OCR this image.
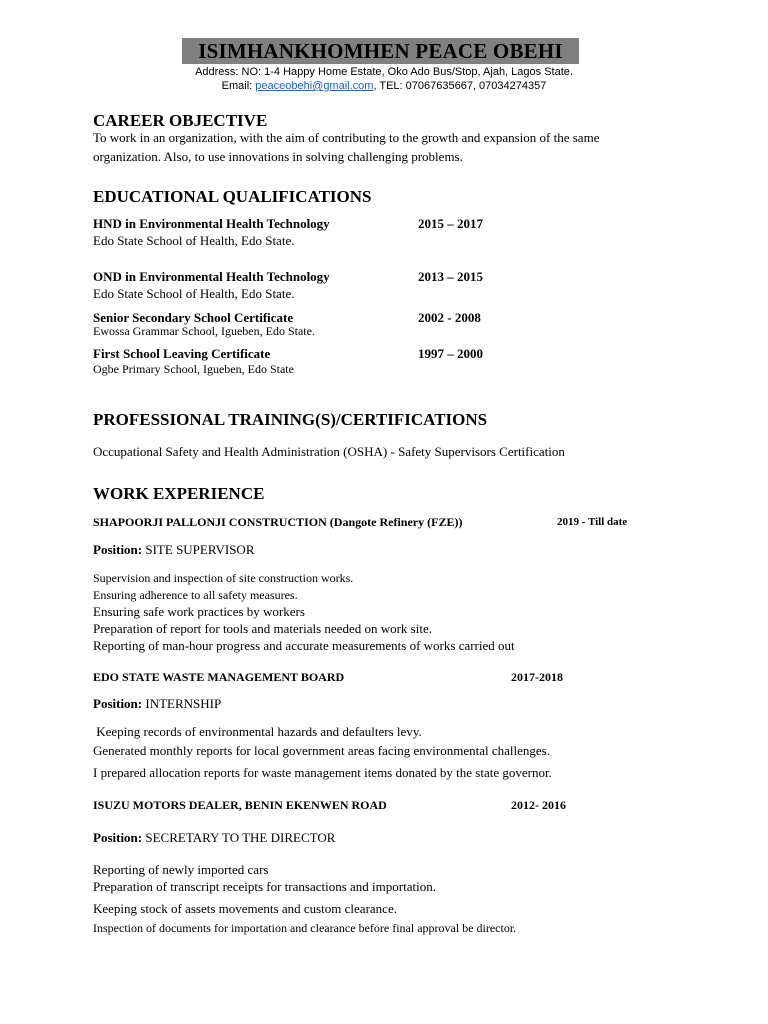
ISIMHANKHOMHEN PEACE OBEHI
Address: NO: 1-4 Happy Home Estate, Oko Ado Bus/Stop, Ajah, Lagos State.
Email: peaceobehi@gmail.com, TEL: 07067635667, 07034274357
CAREER OBJECTIVE
To work in an organization, with the aim of contributing to the growth and expansion of the same
organization. Also, to use innovations in solving challenging problems.
EDUCATIONAL QUALIFICATIONS
HND in Environmental Health Technology	2015 – 2017
Edo State School of Health, Edo State.
OND in Environmental Health Technology	2013 – 2015
Edo State School of Health, Edo State.
Senior Secondary School Certificate	2002 - 2008
Ewossa Grammar School, Igueben, Edo State.
First School Leaving Certificate	1997 – 2000
Ogbe Primary School, Igueben, Edo State
PROFESSIONAL TRAINING(S)/CERTIFICATIONS
Occupational Safety and Health Administration (OSHA) - Safety Supervisors Certification
WORK EXPERIENCE
SHAPOORJI PALLONJI CONSTRUCTION (Dangote Refinery (FZE))	2019 - Till date
Position: SITE SUPERVISOR
Supervision and inspection of site construction works.
Ensuring adherence to all safety measures.
Ensuring safe work practices by workers
Preparation of report for tools and materials needed on work site.
Reporting of man-hour progress and accurate measurements of works carried out
EDO STATE WASTE MANAGEMENT BOARD	2017-2018
Position: INTERNSHIP
Keeping records of environmental hazards and defaulters levy.
Generated monthly reports for local government areas facing environmental challenges.
I prepared allocation reports for waste management items donated by the state governor.
ISUZU MOTORS DEALER, BENIN EKENWEN ROAD	2012- 2016
Position: SECRETARY TO THE DIRECTOR
Reporting of newly imported cars
Preparation of transcript receipts for transactions and importation.
Keeping stock of assets movements and custom clearance.
Inspection of documents for importation and clearance before final approval be director.
